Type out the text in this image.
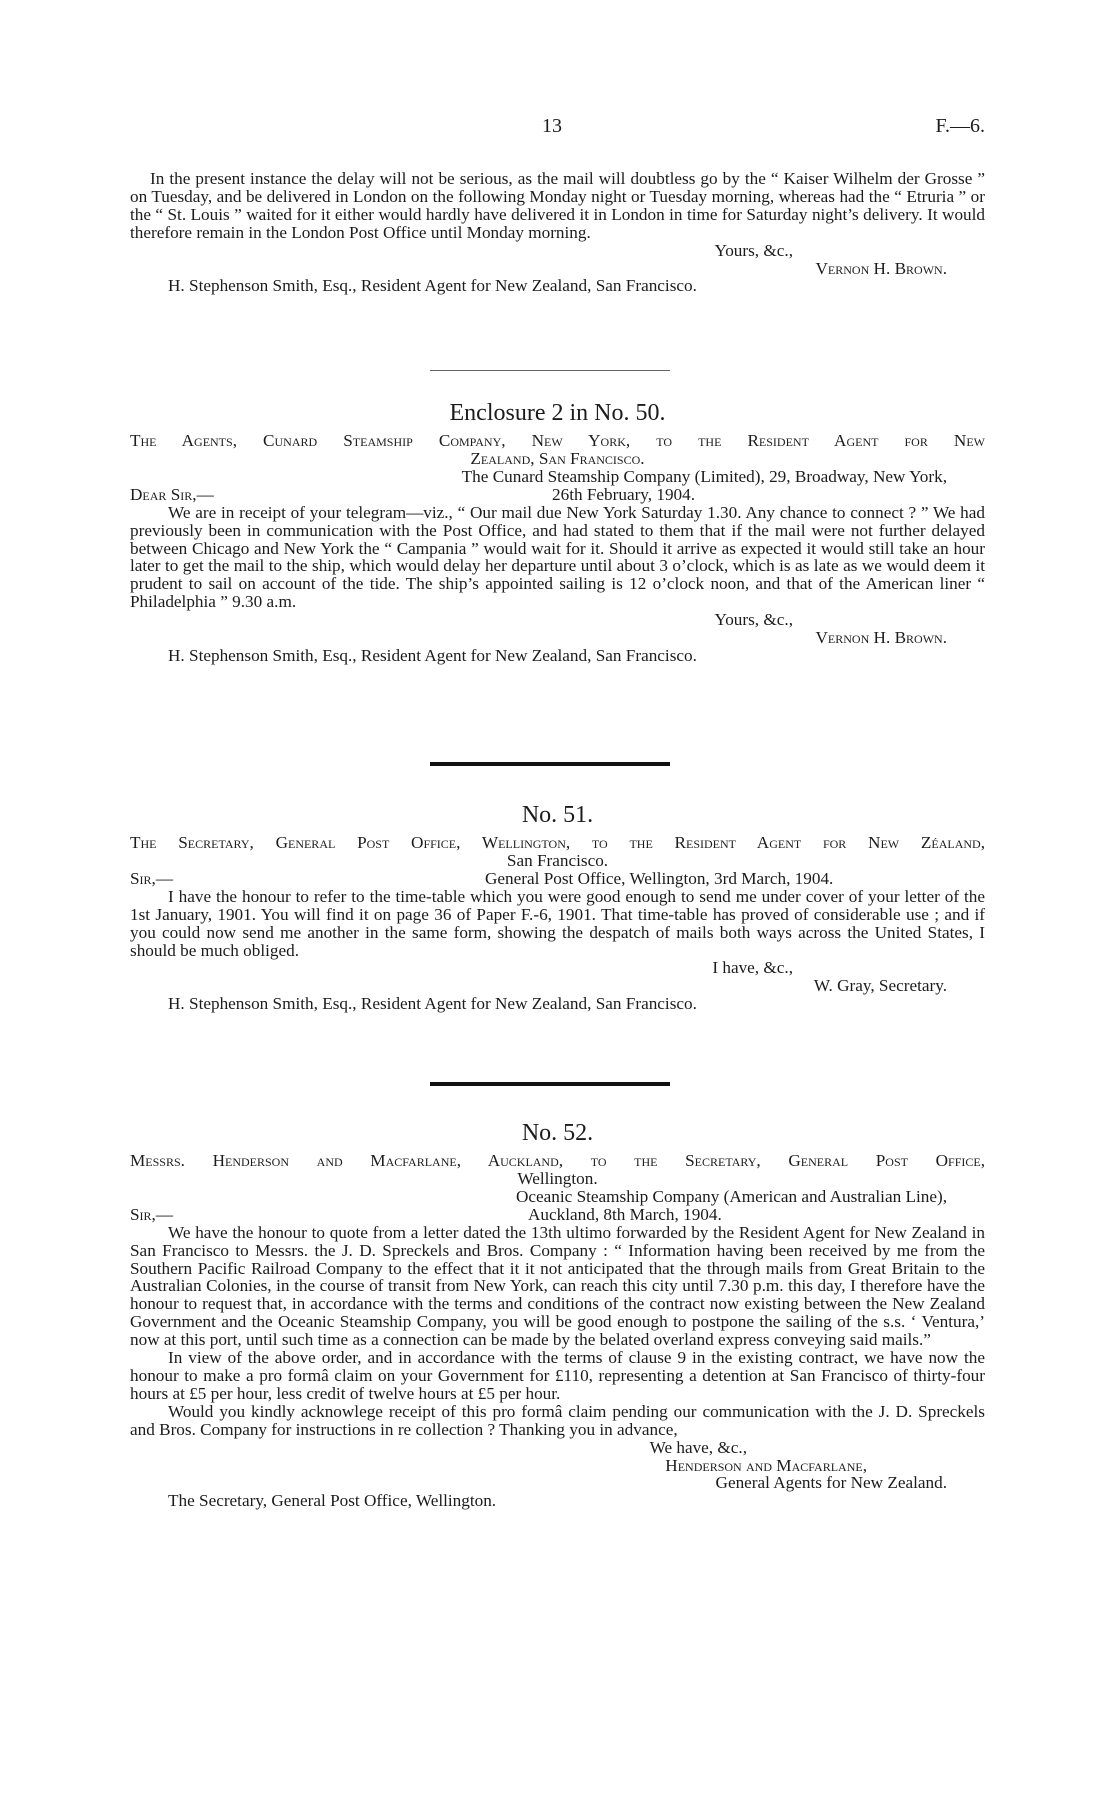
13	F.—6.

In the present instance the delay will not be serious, as the mail will doubtless go by the “ Kaiser Wilhelm der Grosse ” on Tuesday, and be delivered in London on the following Monday night or Tuesday morning, whereas had the “ Etruria ” or the “ St. Louis ” waited for it either would hardly have delivered it in London in time for Saturday night’s delivery. It would therefore remain in the London Post Office until Monday morning.

Yours, &c.,
Vernon H. Brown.
H. Stephenson Smith, Esq., Resident Agent for New Zealand, San Francisco.
Enclosure 2 in No. 50.

The Agents, Cunard Steamship Company, New York, to the Resident Agent for New

Zealand, San Francisco.

The Cunard Steamship Company (Limited), 29, Broadway, New York,
Dear Sir,—	26th February, 1904.

We are in receipt of your telegram—viz., “ Our mail due New York Saturday 1.30. Any chance to connect ? ” We had previously been in communication with the Post Office, and had stated to them that if the mail were not further delayed between Chicago and New York the “ Campania ” would wait for it. Should it arrive as expected it would still take an hour later to get the mail to the ship, which would delay her departure until about 3 o’clock, which is as late as we would deem it prudent to sail on account of the tide. The ship’s appointed sailing is 12 o’clock noon, and that of the American liner “ Philadelphia ” 9.30 a.m.

Yours, &c.,
Vernon H. Brown.
H. Stephenson Smith, Esq., Resident Agent for New Zealand, San Francisco.
No. 51.

The Secretary, General Post Office, Wellington, to the Resident Agent for New Zéaland,

San Francisco.

Sir,—	General Post Office, Wellington, 3rd March, 1904.

I have the honour to refer to the time-table which you were good enough to send me under cover of your letter of the 1st January, 1901. You will find it on page 36 of Paper F.-6, 1901. That time-table has proved of considerable use ; and if you could now send me another in the same form, showing the despatch of mails both ways across the United States, I should be much obliged.

I have, &c.,
W. Gray, Secretary.
H. Stephenson Smith, Esq., Resident Agent for New Zealand, San Francisco.
No. 52.

Messrs. Henderson and Macfarlane, Auckland, to the Secretary, General Post Office,

Wellington.

Oceanic Steamship Company (American and Australian Line),
Sir,—	Auckland, 8th March, 1904.

We have the honour to quote from a letter dated the 13th ultimo forwarded by the Resident Agent for New Zealand in San Francisco to Messrs. the J. D. Spreckels and Bros. Company : “ Information having been received by me from the Southern Pacific Railroad Company to the effect that it it not anticipated that the through mails from Great Britain to the Australian Colonies, in the course of transit from New York, can reach this city until 7.30 p.m. this day, I therefore have the honour to request that, in accordance with the terms and conditions of the contract now existing between the New Zealand Government and the Oceanic Steamship Company, you will be good enough to postpone the sailing of the s.s. ‘ Ventura,’ now at this port, until such time as a connection can be made by the belated overland express conveying said mails.”

In view of the above order, and in accordance with the terms of clause 9 in the existing contract, we have now the honour to make a pro formâ claim on your Government for £110, representing a detention at San Francisco of thirty-four hours at £5 per hour, less credit of twelve hours at £5 per hour.

Would you kindly acknowlege receipt of this pro formâ claim pending our communication with the J. D. Spreckels and Bros. Company for instructions in re collection ? Thanking you in advance,

We have, &c.,
Henderson and Macfarlane,
General Agents for New Zealand.
The Secretary, General Post Office, Wellington.
